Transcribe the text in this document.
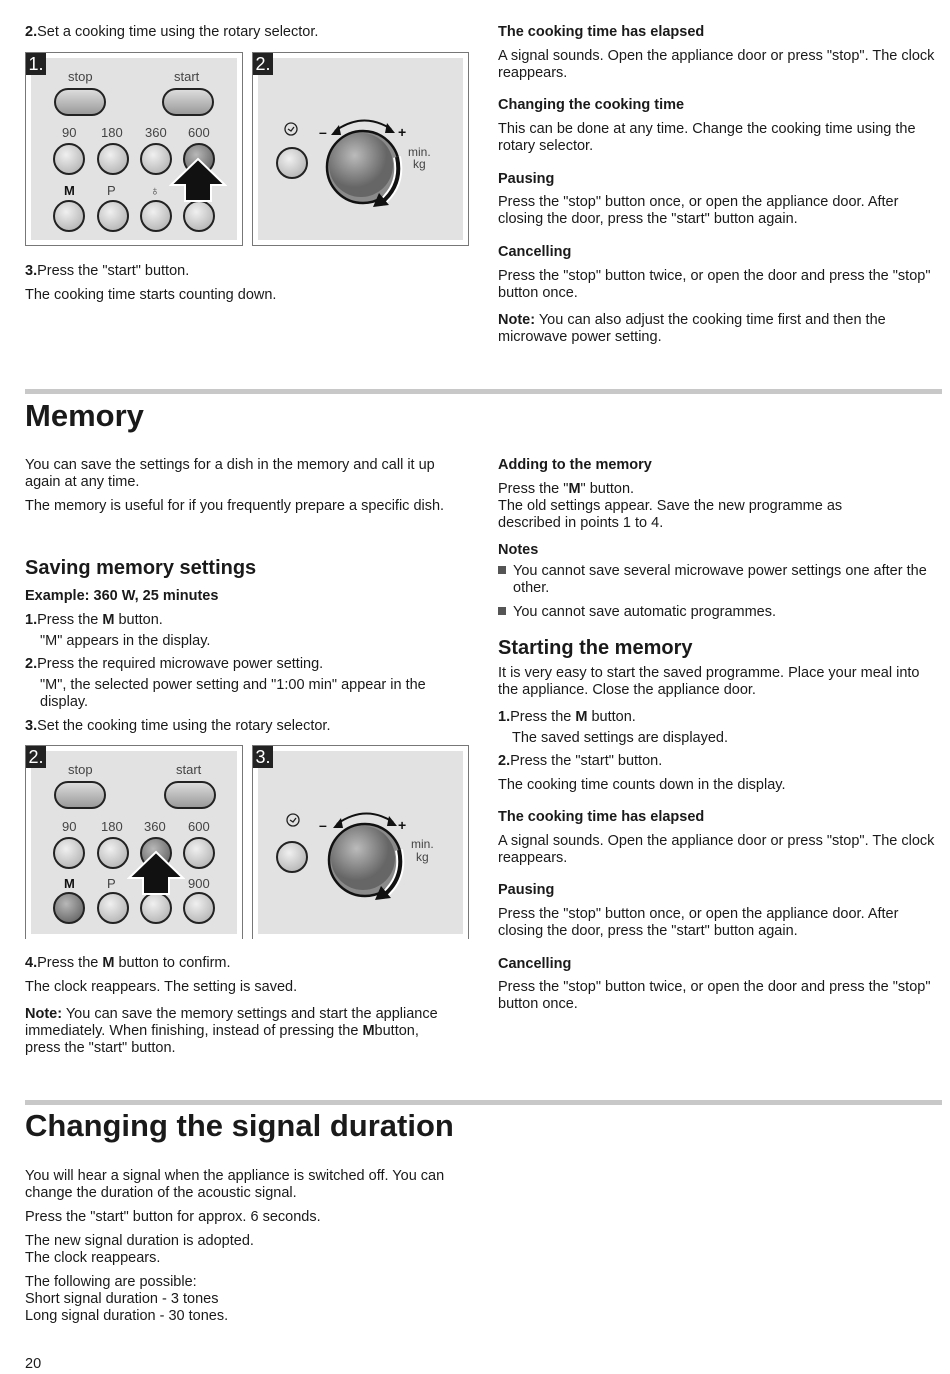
2.Set a cooking time using the rotary selector.
1.
stop	start
90 180 360 600
M P	♁
2.
–	+
min.
kg
3.Press the "start" button.
The cooking time starts counting down.
The cooking time has elapsed
A signal sounds. Open the appliance door or press "stop". The clock reappears.
Changing the cooking time
This can be done at any time. Change the cooking time using the rotary selector.
Pausing
Press the "stop" button once, or open the appliance door. After closing the door, press the "start" button again.
Cancelling
Press the "stop" button twice, or open the door and press the "stop" button once.
Note: You can also adjust the cooking time first and then the microwave power setting.
Memory
You can save the settings for a dish in the memory and call it up again at any time.
The memory is useful for if you frequently prepare a specific dish.
Saving memory settings
Example: 360 W, 25 minutes
1.Press the M button.
"M" appears in the display.
2.Press the required microwave power setting.
"M", the selected power setting and "1:00 min" appear in the display.
3.Set the cooking time using the rotary selector.
2.
stop	start
90 180 360 600
M P	900
3.
–	+
min.
kg
4.Press the M button to confirm.
The clock reappears. The setting is saved.
Note: You can save the memory settings and start the appliance immediately. When finishing, instead of pressing the Mbutton, press the "start" button.
Adding to the memory
Press the "M" button.
The old settings appear. Save the new programme as described in points 1 to 4.
Notes
You cannot save several microwave power settings one after the other.
You cannot save automatic programmes.
Starting the memory
It is very easy to start the saved programme. Place your meal into the appliance. Close the appliance door.
1.Press the M button.
The saved settings are displayed.
2.Press the "start" button.
The cooking time counts down in the display.
The cooking time has elapsed
A signal sounds. Open the appliance door or press "stop". The clock reappears.
Pausing
Press the "stop" button once, or open the appliance door. After closing the door, press the "start" button again.
Cancelling
Press the "stop" button twice, or open the door and press the "stop" button once.
Changing the signal duration
You will hear a signal when the appliance is switched off. You can change the duration of the acoustic signal.
Press the "start" button for approx. 6 seconds.
The new signal duration is adopted.
The clock reappears.
The following are possible:
Short signal duration - 3 tones
Long signal duration - 30 tones.
20
